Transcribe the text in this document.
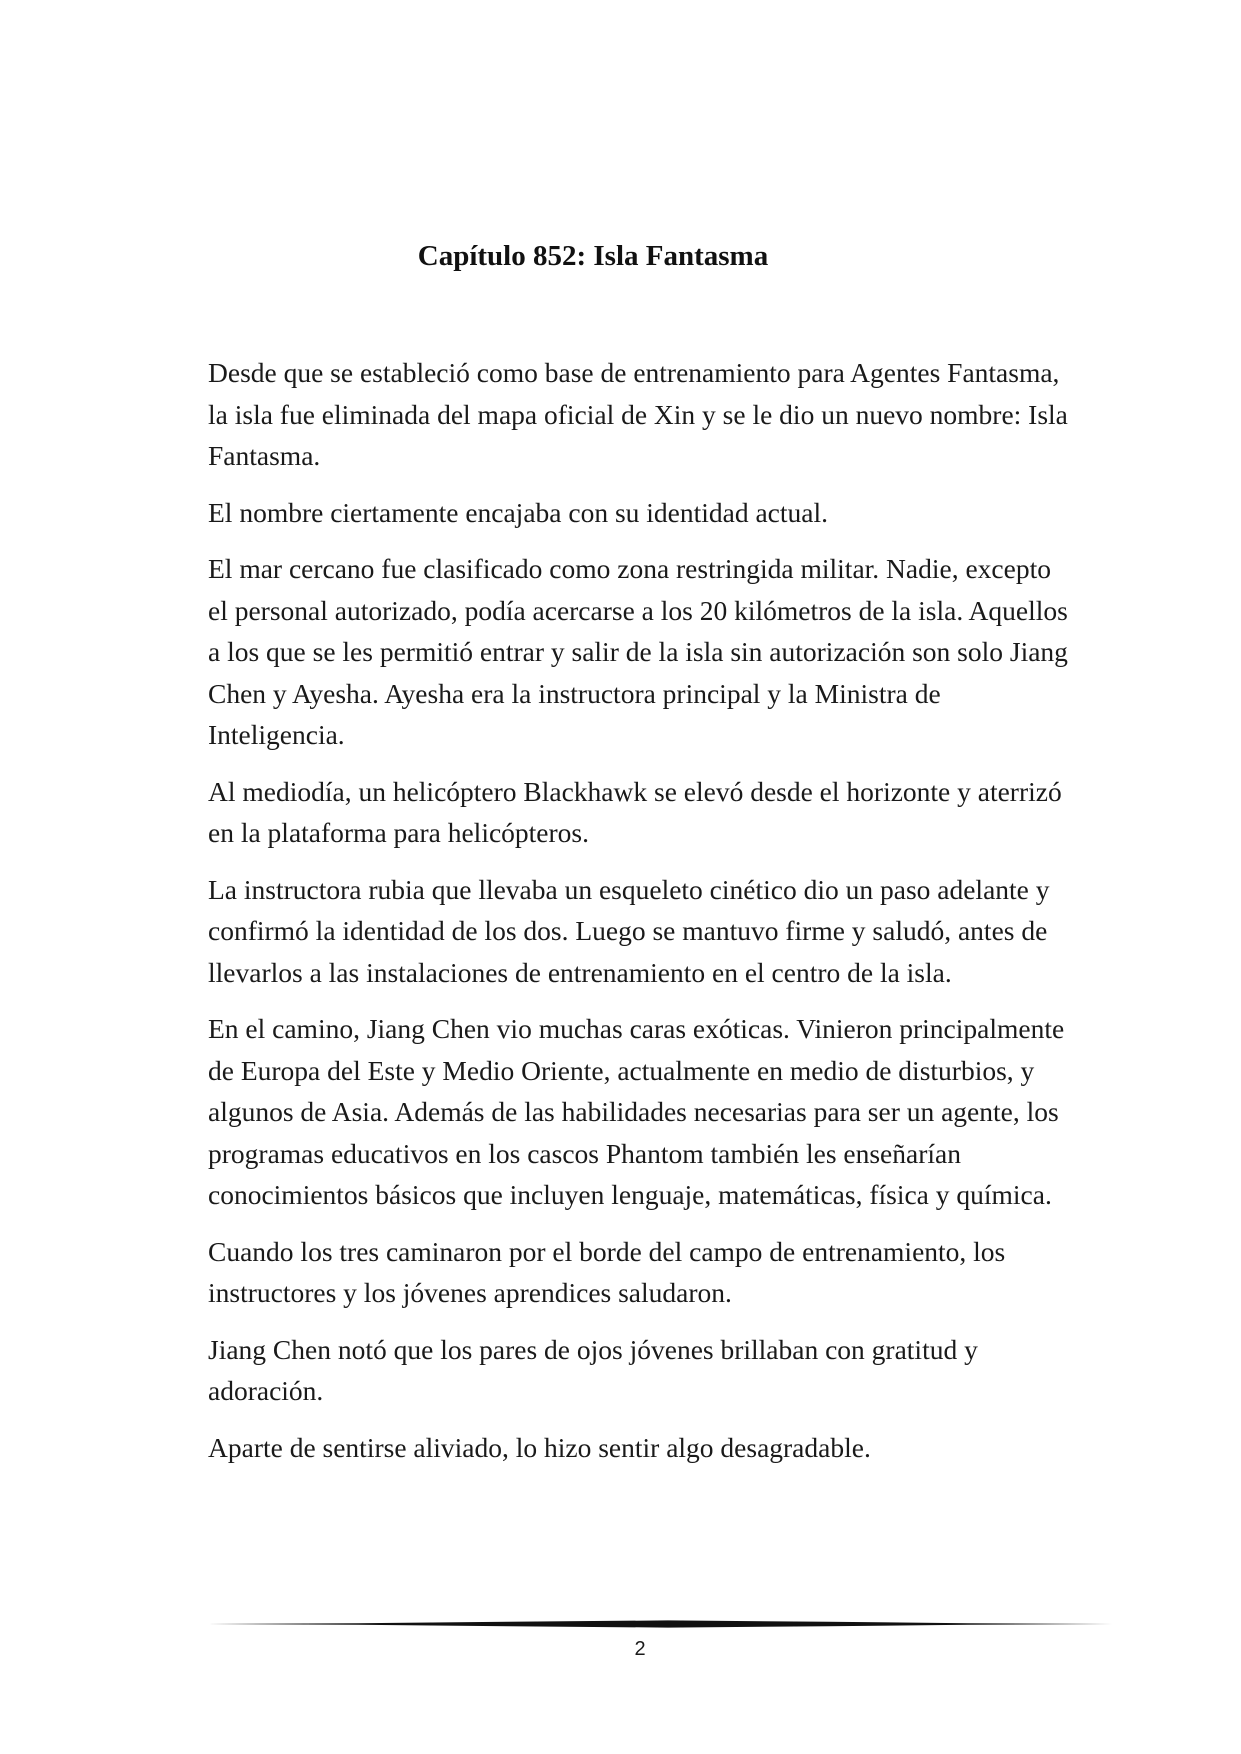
Capítulo 852: Isla Fantasma

Desde que se estableció como base de entrenamiento para Agentes Fantasma, la isla fue eliminada del mapa oficial de Xin y se le dio un nuevo nombre: Isla Fantasma.

El nombre ciertamente encajaba con su identidad actual.

El mar cercano fue clasificado como zona restringida militar. Nadie, excepto el personal autorizado, podía acercarse a los 20 kilómetros de la isla. Aquellos a los que se les permitió entrar y salir de la isla sin autorización son solo Jiang Chen y Ayesha. Ayesha era la instructora principal y la Ministra de Inteligencia.

Al mediodía, un helicóptero Blackhawk se elevó desde el horizonte y aterrizó en la plataforma para helicópteros.

La instructora rubia que llevaba un esqueleto cinético dio un paso adelante y confirmó la identidad de los dos. Luego se mantuvo firme y saludó, antes de llevarlos a las instalaciones de entrenamiento en el centro de la isla.

En el camino, Jiang Chen vio muchas caras exóticas. Vinieron principalmente de Europa del Este y Medio Oriente, actualmente en medio de disturbios, y algunos de Asia. Además de las habilidades necesarias para ser un agente, los programas educativos en los cascos Phantom también les enseñarían conocimientos básicos que incluyen lenguaje, matemáticas, física y química.

Cuando los tres caminaron por el borde del campo de entrenamiento, los instructores y los jóvenes aprendices saludaron.

Jiang Chen notó que los pares de ojos jóvenes brillaban con gratitud y adoración.

Aparte de sentirse aliviado, lo hizo sentir algo desagradable.

2
